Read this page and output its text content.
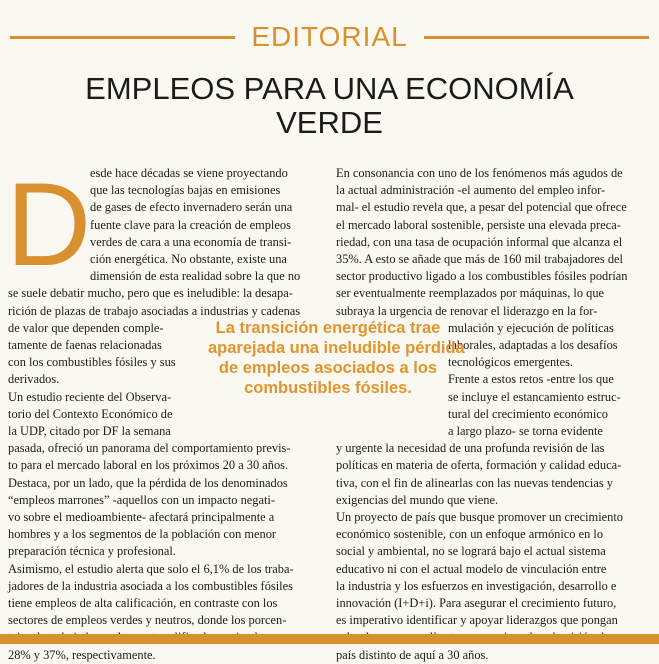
EDITORIAL
EMPLEOS PARA UNA ECONOMÍA
VERDE
D

esde hace décadas se viene proyectando
que las tecnologías bajas en emisiones
de gases de efecto invernadero serán una
fuente clave para la creación de empleos
verdes de cara a una economía de transi-
ción energética. No obstante, existe una
dimensión de esta realidad sobre la que no
se suele debatir mucho, pero que es ineludible: la desapa-
rición de plazas de trabajo asociadas a industrias y cadenas
de valor que dependen comple-
tamente de faenas relacionadas
con los combustibles fósiles y sus
derivados.

Un estudio reciente del Observa-
torio del Contexto Económico de
la UDP, citado por DF la semana
pasada, ofreció un panorama del comportamiento previs-
to para el mercado laboral en los próximos 20 a 30 años.
Destaca, por un lado, que la pérdida de los denominados
“empleos marrones” -aquellos con un impacto negati-
vo sobre el medioambiente- afectará principalmente a
hombres y a los segmentos de la población con menor
preparación técnica y profesional.

Asimismo, el estudio alerta que solo el 6,1% de los traba-
jadores de la industria asociada a los combustibles fósiles
tiene empleos de alta calificación, en contraste con los
sectores de empleos verdes y neutros, donde los porcen-
28% y 37%, respectivamente.

En consonancia con uno de los fenómenos más agudos de
la actual administración -el aumento del empleo infor-
mal- el estudio revela que, a pesar del potencial que ofrece
el mercado laboral sostenible, persiste una elevada preca-
riedad, con una tasa de ocupación informal que alcanza el
35%. A esto se añade que más de 160 mil trabajadores del
sector productivo ligado a los combustibles fósiles podrían
ser eventualmente reemplazados por máquinas, lo que
subraya la urgencia de renovar el liderazgo en la for-
mulación y ejecución de políticas
laborales, adaptadas a los desafíos
tecnológicos emergentes.

Frente a estos retos -entre los que
se incluye el estancamiento estruc-
tural del crecimiento económico
a largo plazo- se torna evidente
y urgente la necesidad de una profunda revisión de las
políticas en materia de oferta, formación y calidad educa-
tiva, con el fin de alinearlas con las nuevas tendencias y
exigencias del mundo que viene.

Un proyecto de país que busque promover un crecimiento
económico sostenible, con un enfoque armónico en lo
social y ambiental, no se logrará bajo el actual sistema
educativo ni con el actual modelo de vinculación entre
la industria y los esfuerzos en investigación, desarrollo e
innovación (I+D+i). Para asegurar el crecimiento futuro,
es imperativo identificar y apoyar liderazgos que pongan
país distinto de aquí a 30 años.

La transición energética trae
aparejada una ineludible pérdida
de empleos asociados a los
combustibles fósiles.
